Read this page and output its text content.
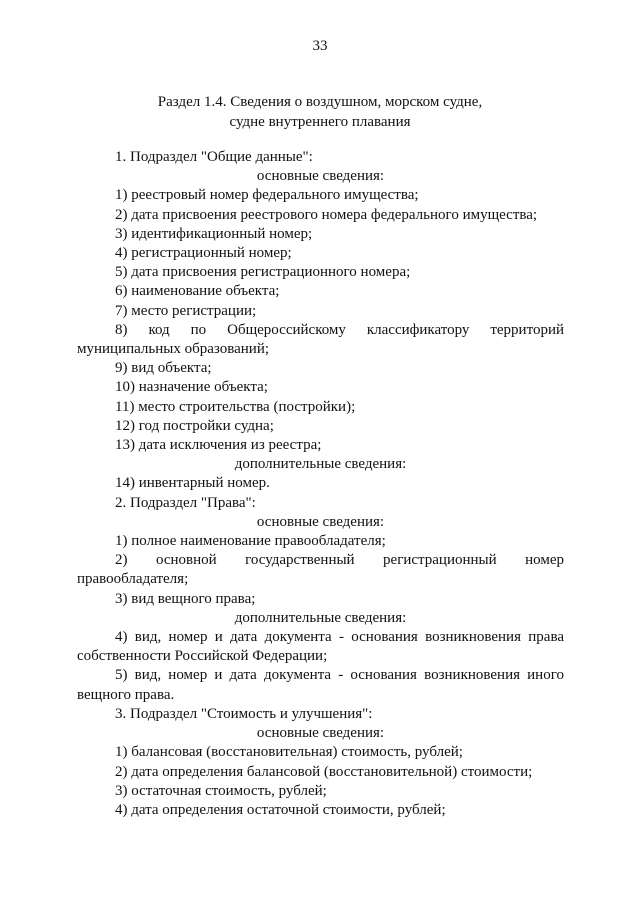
33
Раздел 1.4. Сведения о воздушном, морском судне,
судне внутреннего плавания
1. Подраздел "Общие данные":
основные сведения:
1) реестровый номер федерального имущества;
2) дата присвоения реестрового номера федерального имущества;
3) идентификационный номер;
4) регистрационный номер;
5) дата присвоения регистрационного номера;
6) наименование объекта;
7) место регистрации;
8) код по Общероссийскому классификатору территорий муниципальных образований;
9) вид объекта;
10) назначение объекта;
11) место строительства (постройки);
12) год постройки судна;
13) дата исключения из реестра;
дополнительные сведения:
14) инвентарный номер.
2. Подраздел "Права":
основные сведения:
1) полное наименование правообладателя;
2) основной государственный регистрационный номер правообладателя;
3) вид вещного права;
дополнительные сведения:
4) вид, номер и дата документа - основания возникновения права собственности Российской Федерации;
5) вид, номер и дата документа - основания возникновения иного вещного права.
3. Подраздел "Стоимость и улучшения":
основные сведения:
1) балансовая (восстановительная) стоимость, рублей;
2) дата определения балансовой (восстановительной) стоимости;
3) остаточная стоимость, рублей;
4) дата определения остаточной стоимости, рублей;
